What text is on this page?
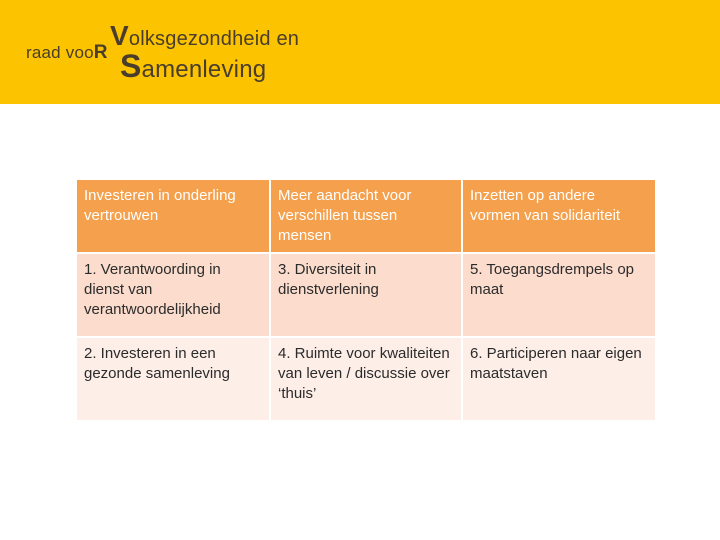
raad vooR
Volksgezondheid en
Samenleving
Investeren in onderling vertrouwen	Meer aandacht voor verschillen tussen mensen	Inzetten op andere vormen van solidariteit
1. Verantwoording in dienst van verantwoordelijkheid	3. Diversiteit in dienstverlening	5. Toegangsdrempels op maat
2. Investeren in een gezonde samenleving	4. Ruimte voor kwaliteiten van leven / discussie over ‘thuis’	6. Participeren naar eigen maatstaven
